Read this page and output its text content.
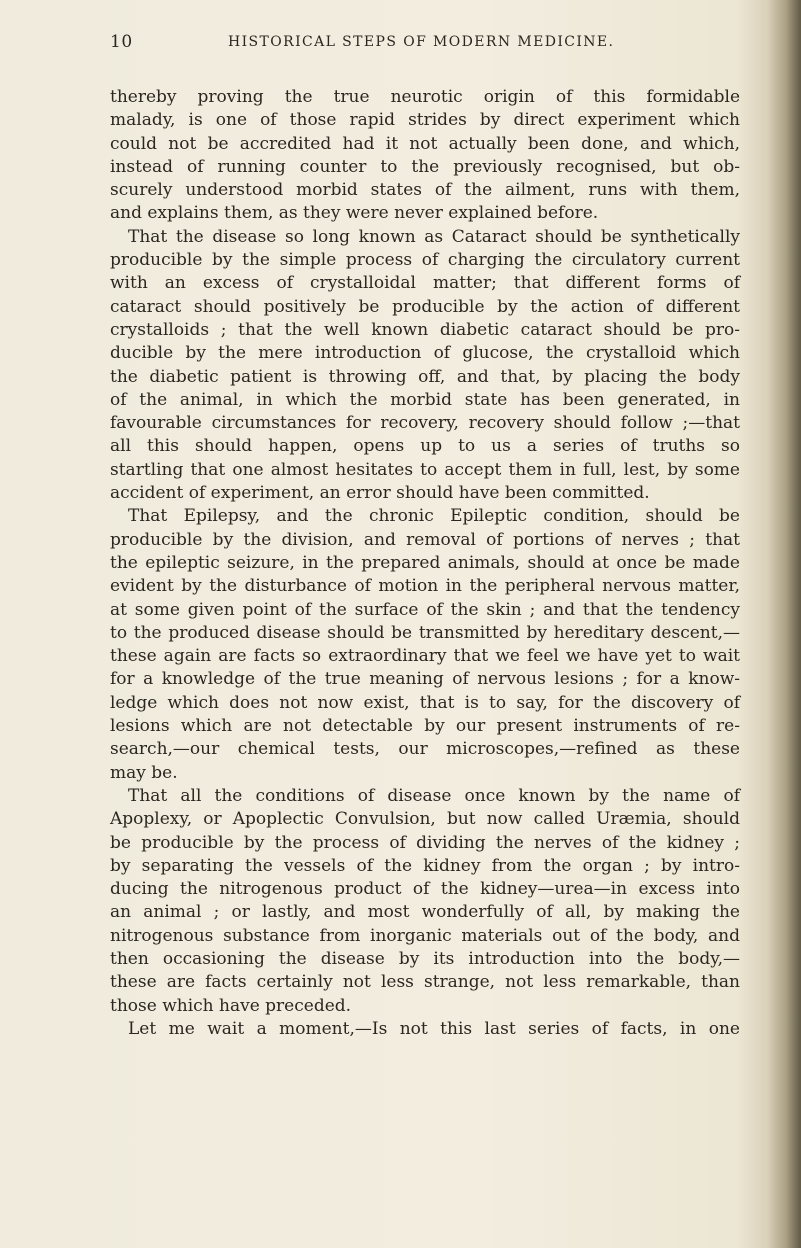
10	HISTORICAL STEPS OF MODERN MEDICINE.
thereby proving the true neurotic origin of this formidable
malady, is one of those rapid strides by direct experiment which
could not be accredited had it not actually been done, and which,
instead of running counter to the previously recognised, but ob-
scurely understood morbid states of the ailment, runs with them,
and explains them, as they were never explained before.
That the disease so long known as Cataract should be synthetically
producible by the simple process of charging the circulatory current
with an excess of crystalloidal matter; that different forms of
cataract should positively be producible by the action of different
crystalloids ; that the well known diabetic cataract should be pro-
ducible by the mere introduction of glucose, the crystalloid which
the diabetic patient is throwing off, and that, by placing the body
of the animal, in which the morbid state has been generated, in
favourable circumstances for recovery, recovery should follow ;—that
all this should happen, opens up to us a series of truths so
startling that one almost hesitates to accept them in full, lest, by some
accident of experiment, an error should have been committed.
That Epilepsy, and the chronic Epileptic condition, should be
producible by the division, and removal of portions of nerves ; that
the epileptic seizure, in the prepared animals, should at once be made
evident by the disturbance of motion in the peripheral nervous matter,
at some given point of the surface of the skin ; and that the tendency
to the produced disease should be transmitted by hereditary descent,—
these again are facts so extraordinary that we feel we have yet to wait
for a knowledge of the true meaning of nervous lesions ; for a know-
ledge which does not now exist, that is to say, for the discovery of
lesions which are not detectable by our present instruments of re-
search,—our chemical tests, our microscopes,—refined as these
may be.
That all the conditions of disease once known by the name of
Apoplexy, or Apoplectic Convulsion, but now called Uræmia, should
be producible by the process of dividing the nerves of the kidney ;
by separating the vessels of the kidney from the organ ; by intro-
ducing the nitrogenous product of the kidney—urea—in excess into
an animal ; or lastly, and most wonderfully of all, by making the
nitrogenous substance from inorganic materials out of the body, and
then occasioning the disease by its introduction into the body,—
these are facts certainly not less strange, not less remarkable, than
those which have preceded.
Let me wait a moment,—Is not this last series of facts, in one
